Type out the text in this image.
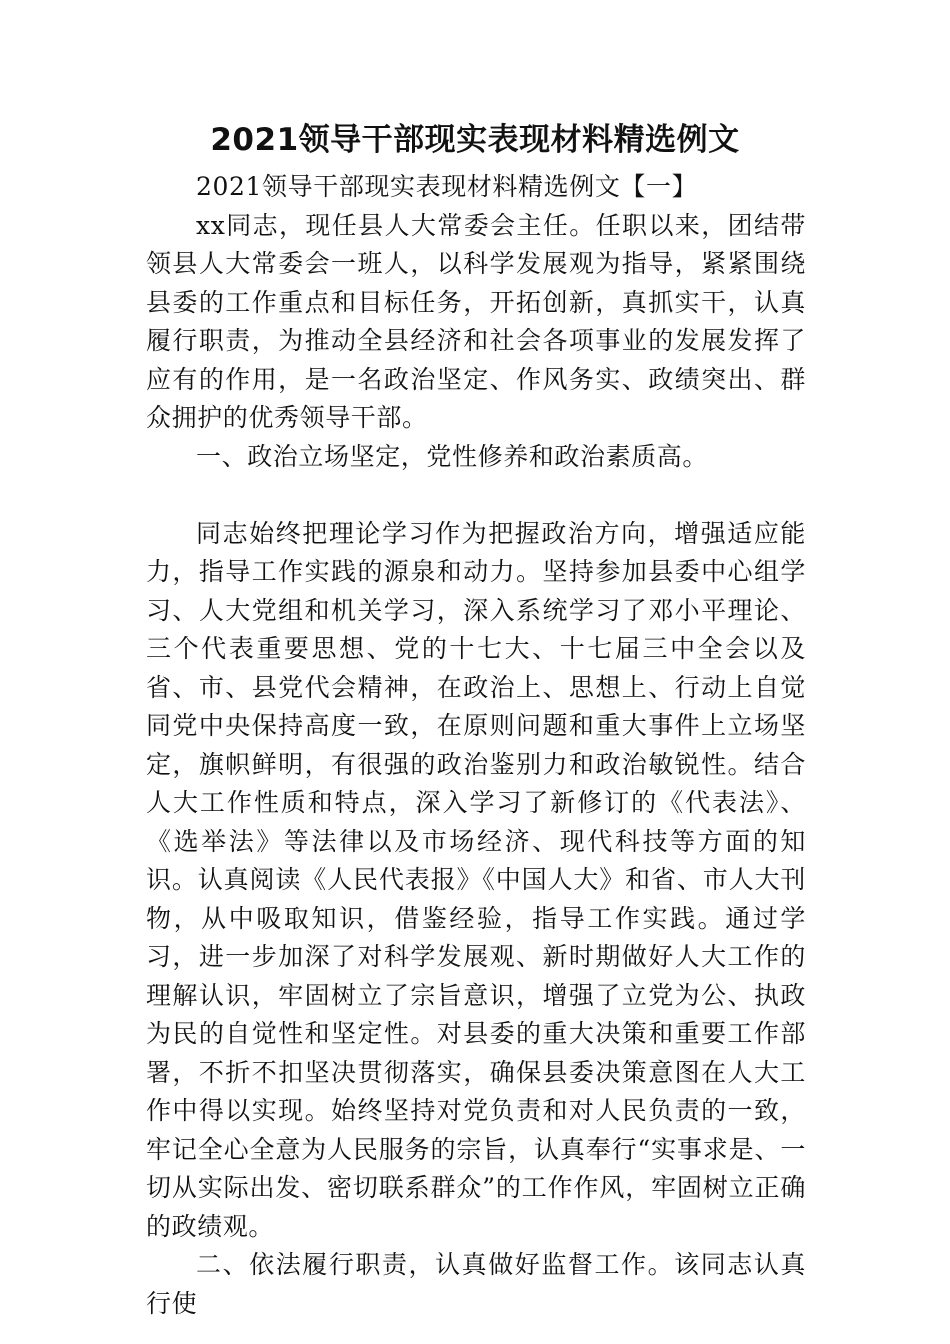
2021领导干部现实表现材料精选例文

2021领导干部现实表现材料精选例文【一】

xx同志，现任县人大常委会主任。任职以来，团结带领县人大常委会一班人，以科学发展观为指导，紧紧围绕县委的工作重点和目标任务，开拓创新，真抓实干，认真履行职责，为推动全县经济和社会各项事业的发展发挥了应有的作用，是一名政治坚定、作风务实、政绩突出、群众拥护的优秀领导干部。

一、政治立场坚定，党性修养和政治素质高。

同志始终把理论学习作为把握政治方向，增强适应能力，指导工作实践的源泉和动力。坚持参加县委中心组学习、人大党组和机关学习，深入系统学习了邓小平理论、三个代表重要思想、党的十七大、十七届三中全会以及省、市、县党代会精神，在政治上、思想上、行动上自觉同党中央保持高度一致，在原则问题和重大事件上立场坚定，旗帜鲜明，有很强的政治鉴别力和政治敏锐性。结合人大工作性质和特点，深入学习了新修订的《代表法》、《选举法》等法律以及市场经济、现代科技等方面的知识。认真阅读《人民代表报》《中国人大》和省、市人大刊物，从中吸取知识，借鉴经验，指导工作实践。通过学习，进一步加深了对科学发展观、新时期做好人大工作的理解认识，牢固树立了宗旨意识，增强了立党为公、执政为民的自觉性和坚定性。对县委的重大决策和重要工作部署，不折不扣坚决贯彻落实，确保县委决策意图在人大工作中得以实现。始终坚持对党负责和对人民负责的一致，牢记全心全意为人民服务的宗旨，认真奉行“实事求是、一切从实际出发、密切联系群众”的工作作风，牢固树立正确的政绩观。

二、依法履行职责，认真做好监督工作。该同志认真行使
